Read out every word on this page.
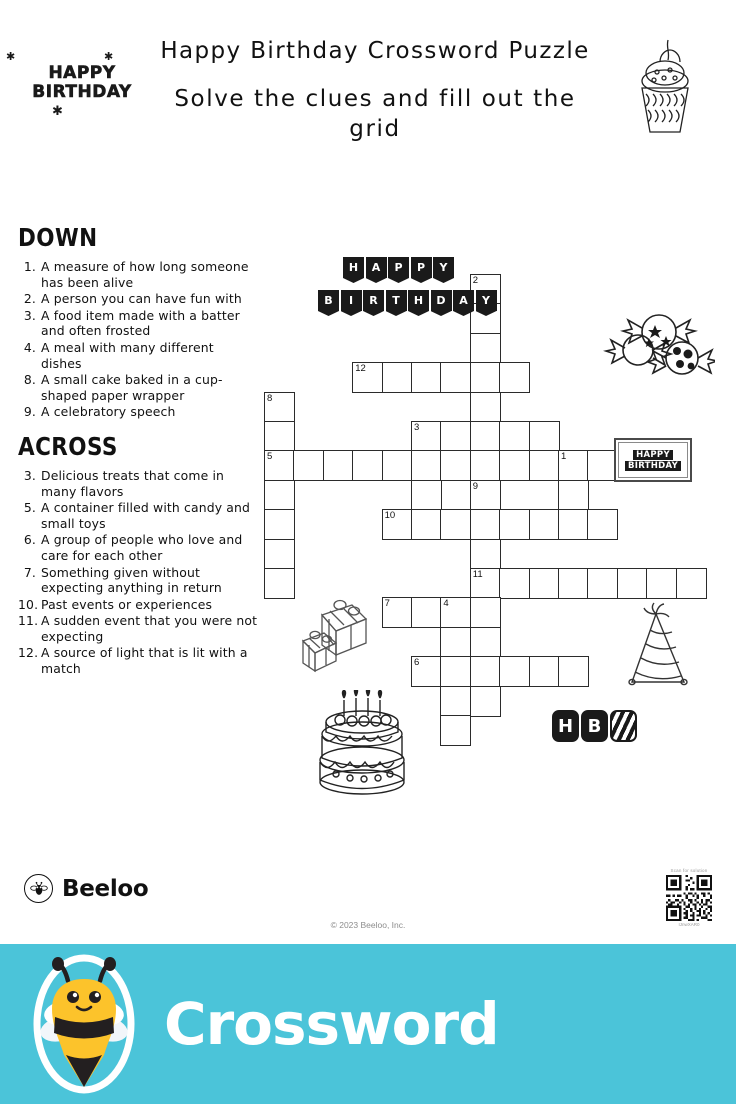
HAPPY
BIRTHDAY
✱	✱
✱
Happy Birthday Crossword Puzzle
Solve the clues and fill out the grid
DOWN
1. A measure of how long someone has been alive
2. A person you can have fun with
3. A food item made with a batter and often frosted
4. A meal with many different dishes
8. A small cake baked in a cup-shaped paper wrapper
9. A celebratory speech
ACROSS
3. Delicious treats that come in many flavors
5. A container filled with candy and small toys
6. A group of people who love and care for each other
7. Something given without expecting anything in return
10. Past events or experiences
11. A sudden event that you were not expecting
12. A source of light that is lit with a match
2
12
8
3
5	1
9
10
11
7	4
6
H	A	P	P	Y
B	I	R	T	H	D	A	Y
HAPPY
BIRTHDAY
H B
Beeloo
© 2023 Beeloo, Inc.
Scan for solution
IJnwXAR0
Crossword
